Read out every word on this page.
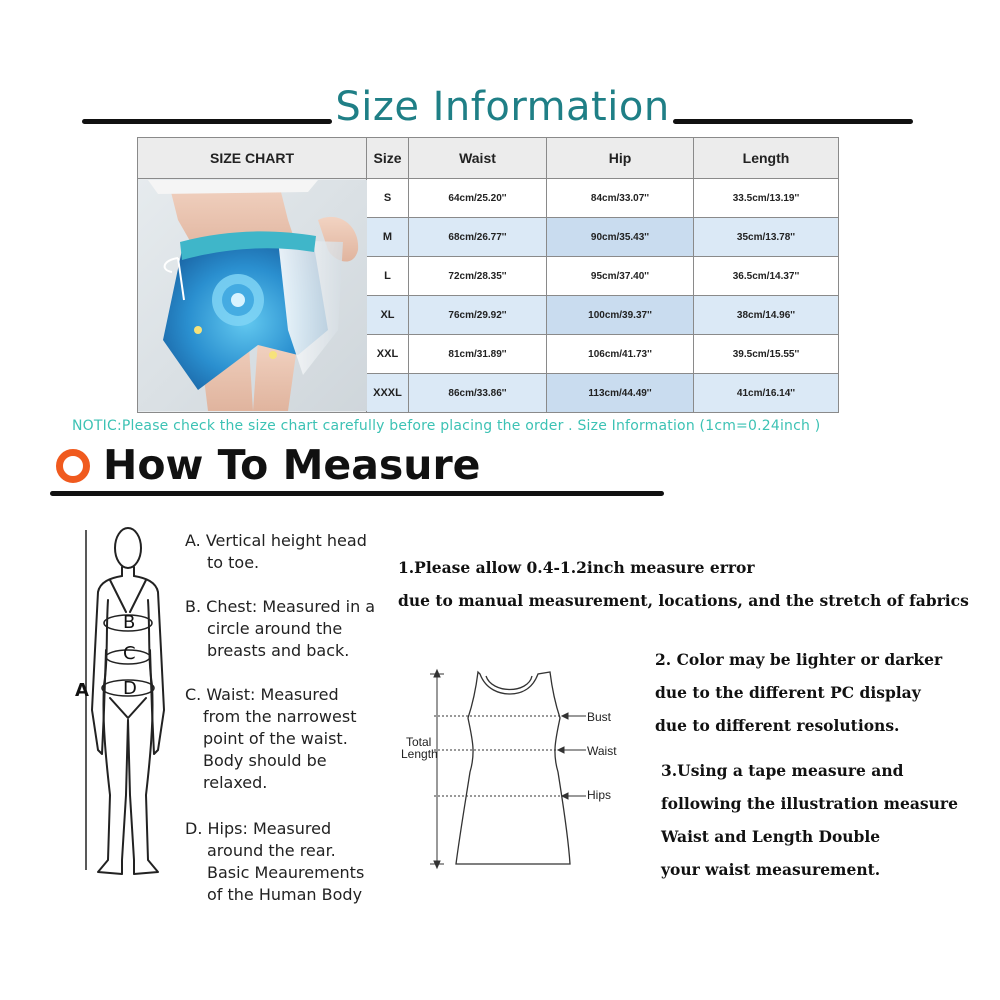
Size Information
SIZE CHART	Size	Waist	Hip	Length

	S	64cm/25.20''	84cm/33.07''	33.5cm/13.19''
	M	68cm/26.77''	90cm/35.43''	35cm/13.78''
	L	72cm/28.35''	95cm/37.40''	36.5cm/14.37''
	XL	76cm/29.92''	100cm/39.37''	38cm/14.96''
	XXL	81cm/31.89''	106cm/41.73''	39.5cm/15.55''
	XXXL	86cm/33.86''	113cm/44.49''	41cm/16.14''
NOTIC:Please check the size chart carefully before placing the order . Size Information (1cm=0.24inch )
How To Measure
A
B
C
D
A. Vertical height head
to toe.
B. Chest: Measured in a
circle around the
breasts and back.
C. Waist: Measured
from the narrowest
point of the waist.
Body should be
relaxed.
D. Hips: Measured
around the rear.
Basic Meaurements
of the Human Body
1.Please allow 0.4-1.2inch measure error
due to manual measurement, locations, and the stretch of fabrics
Total
Length
Bust
Waist
Hips
2. Color may be lighter or darker
due to the different PC display
due to different resolutions.
3.Using a tape measure and
following the illustration measure
Waist and Length Double
your waist measurement.
